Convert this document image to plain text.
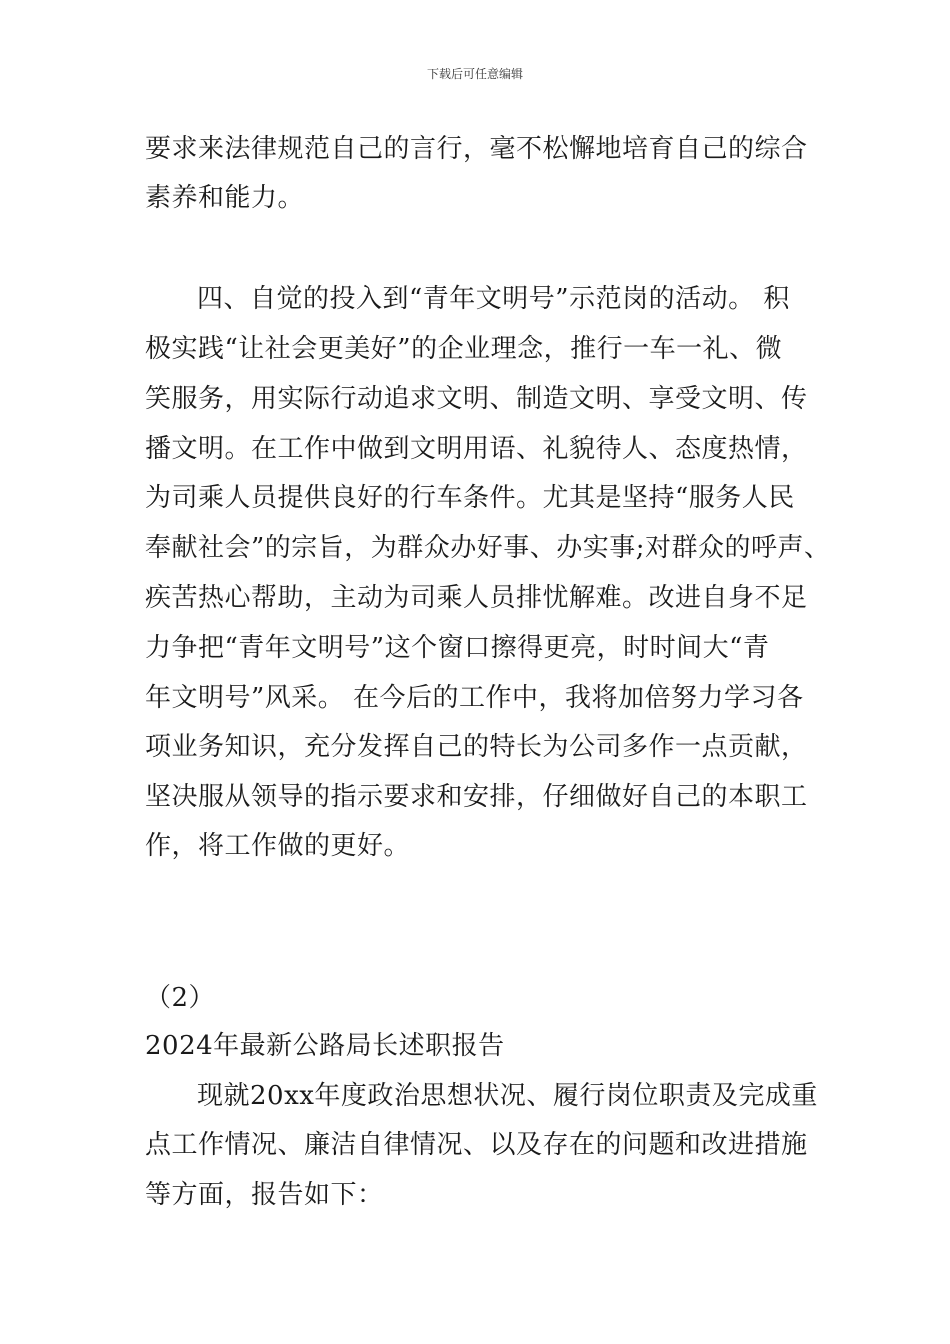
下载后可任意编辑
要求来法律规范自己的言行，毫不松懈地培育自己的综合
素养和能力。
四、自觉的投入到“青年文明号”示范岗的活动。 积
极实践“让社会更美好”的企业理念，推行一车一礼、微
笑服务，用实际行动追求文明、制造文明、享受文明、传
播文明。在工作中做到文明用语、礼貌待人、态度热情，
为司乘人员提供良好的行车条件。尤其是坚持“服务人民
奉献社会”的宗旨，为群众办好事、办实事;对群众的呼声、
疾苦热心帮助，主动为司乘人员排忧解难。改进自身不足
力争把“青年文明号”这个窗口擦得更亮，时时间大“青
年文明号”风采。 在今后的工作中，我将加倍努力学习各
项业务知识，充分发挥自己的特长为公司多作一点贡献，
坚决服从领导的指示要求和安排，仔细做好自己的本职工
作，将工作做的更好。
（2）
2024年最新公路局长述职报告
现就20xx年度政治思想状况、履行岗位职责及完成重
点工作情况、廉洁自律情况、以及存在的问题和改进措施
等方面，报告如下：
